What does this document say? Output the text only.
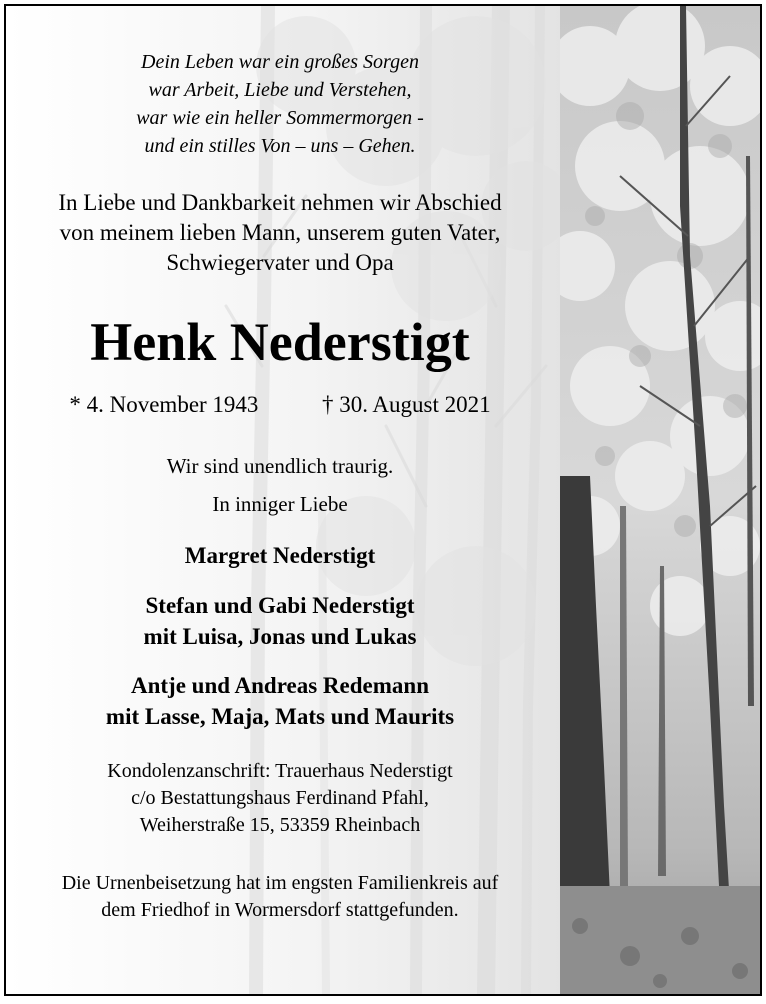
Dein Leben war ein großes Sorgen
war Arbeit, Liebe und Verstehen,
war wie ein heller Sommermorgen -
und ein stilles Von – uns – Gehen.
In Liebe und Dankbarkeit nehmen wir Abschied
von meinem lieben Mann, unserem guten Vater,
Schwiegervater und Opa
Henk Nederstigt
* 4. November 1943	† 30. August 2021
Wir sind unendlich traurig.
In inniger Liebe
Margret Nederstigt
Stefan und Gabi Nederstigt
mit Luisa, Jonas und Lukas
Antje und Andreas Redemann
mit Lasse, Maja, Mats und Maurits
Kondolenzanschrift: Trauerhaus Nederstigt
c/o Bestattungshaus Ferdinand Pfahl,
Weiherstraße 15, 53359 Rheinbach
Die Urnenbeisetzung hat im engsten Familienkreis auf
dem Friedhof in Wormersdorf stattgefunden.
